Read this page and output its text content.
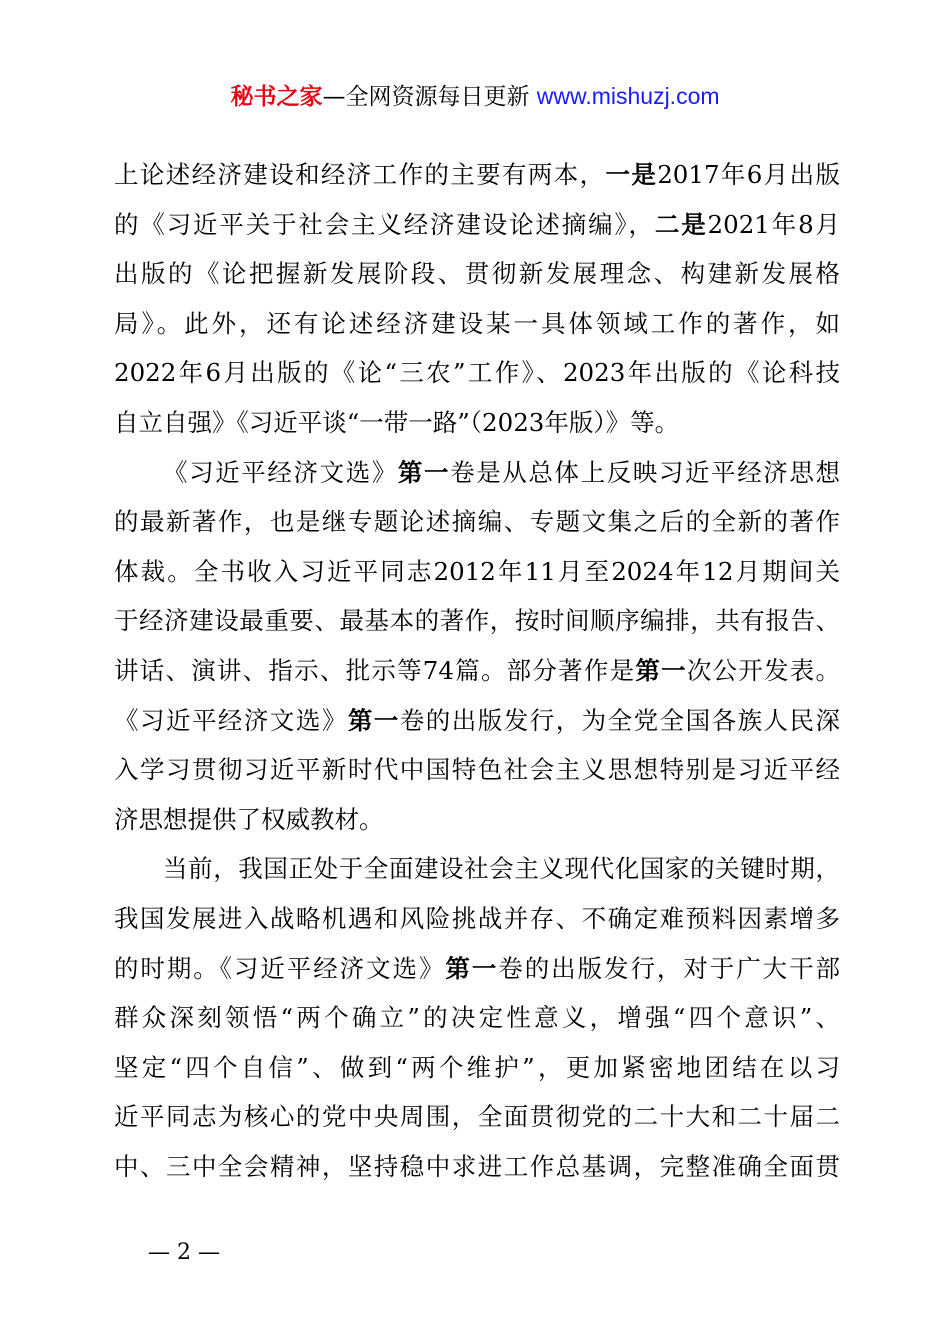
秘书之家—全网资源每日更新 www.mishuzj.com
上论述经济建设和经济工作的主要有两本，一是2017年6月出版
的《习近平关于社会主义经济建设论述摘编》，二是2021年8月
出版的《论把握新发展阶段、贯彻新发展理念、构建新发展格
局》。此外，还有论述经济建设某一具体领域工作的著作，如
2022年6月出版的《论“三农”工作》、2023年出版的《论科技
自立自强》《习近平谈“一带一路”（2023年版）》等。
《习近平经济文选》第一卷是从总体上反映习近平经济思想
的最新著作，也是继专题论述摘编、专题文集之后的全新的著作
体裁。全书收入习近平同志2012年11月至2024年12月期间关
于经济建设最重要、最基本的著作，按时间顺序编排，共有报告、
讲话、演讲、指示、批示等74篇。部分著作是第一次公开发表。
《习近平经济文选》第一卷的出版发行，为全党全国各族人民深
入学习贯彻习近平新时代中国特色社会主义思想特别是习近平经
济思想提供了权威教材。
当前，我国正处于全面建设社会主义现代化国家的关键时期，
我国发展进入战略机遇和风险挑战并存、不确定难预料因素增多
的时期。《习近平经济文选》第一卷的出版发行，对于广大干部
群众深刻领悟“两个确立”的决定性意义，增强“四个意识”、
坚定“四个自信”、做到“两个维护”，更加紧密地团结在以习
近平同志为核心的党中央周围，全面贯彻党的二十大和二十届二
中、三中全会精神，坚持稳中求进工作总基调，完整准确全面贯
— 2 —
